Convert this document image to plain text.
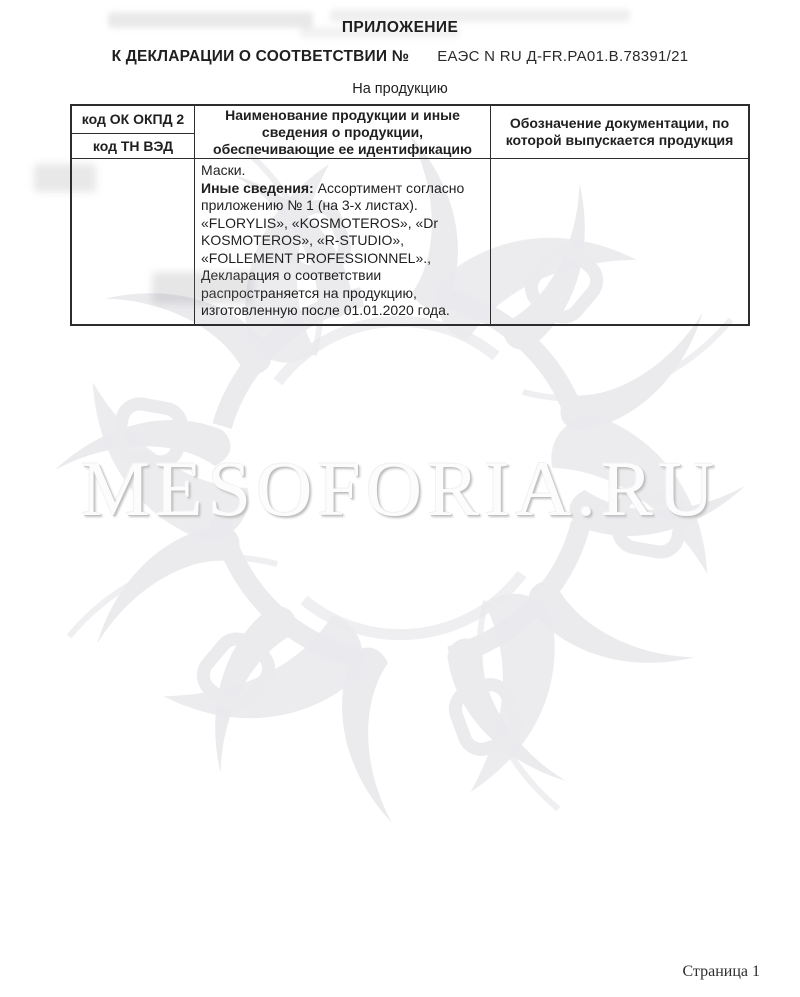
MESOFORIA.RU
ПРИЛОЖЕНИЕ
К ДЕКЛАРАЦИИ О СООТВЕТСТВИИ № ЕАЭС N RU Д-FR.РА01.В.78391/21
На продукцию
код ОК ОКПД 2
код ТН ВЭД
Наименование продукции и иные сведения о продукции, обеспечивающие ее идентификацию
Обозначение документации, по которой выпускается продукция
Маски.
Иные сведения: Ассортимент согласно
приложению № 1 (на 3-х листах).
«FLORYLIS», «KOSMOTEROS», «Dr
KOSMOTEROS», «R-STUDIO»,
«FOLLEMENT PROFESSIONNEL».,
Декларация о соответствии
распространяется на продукцию,
изготовленную после 01.01.2020 года.
Страница 1
